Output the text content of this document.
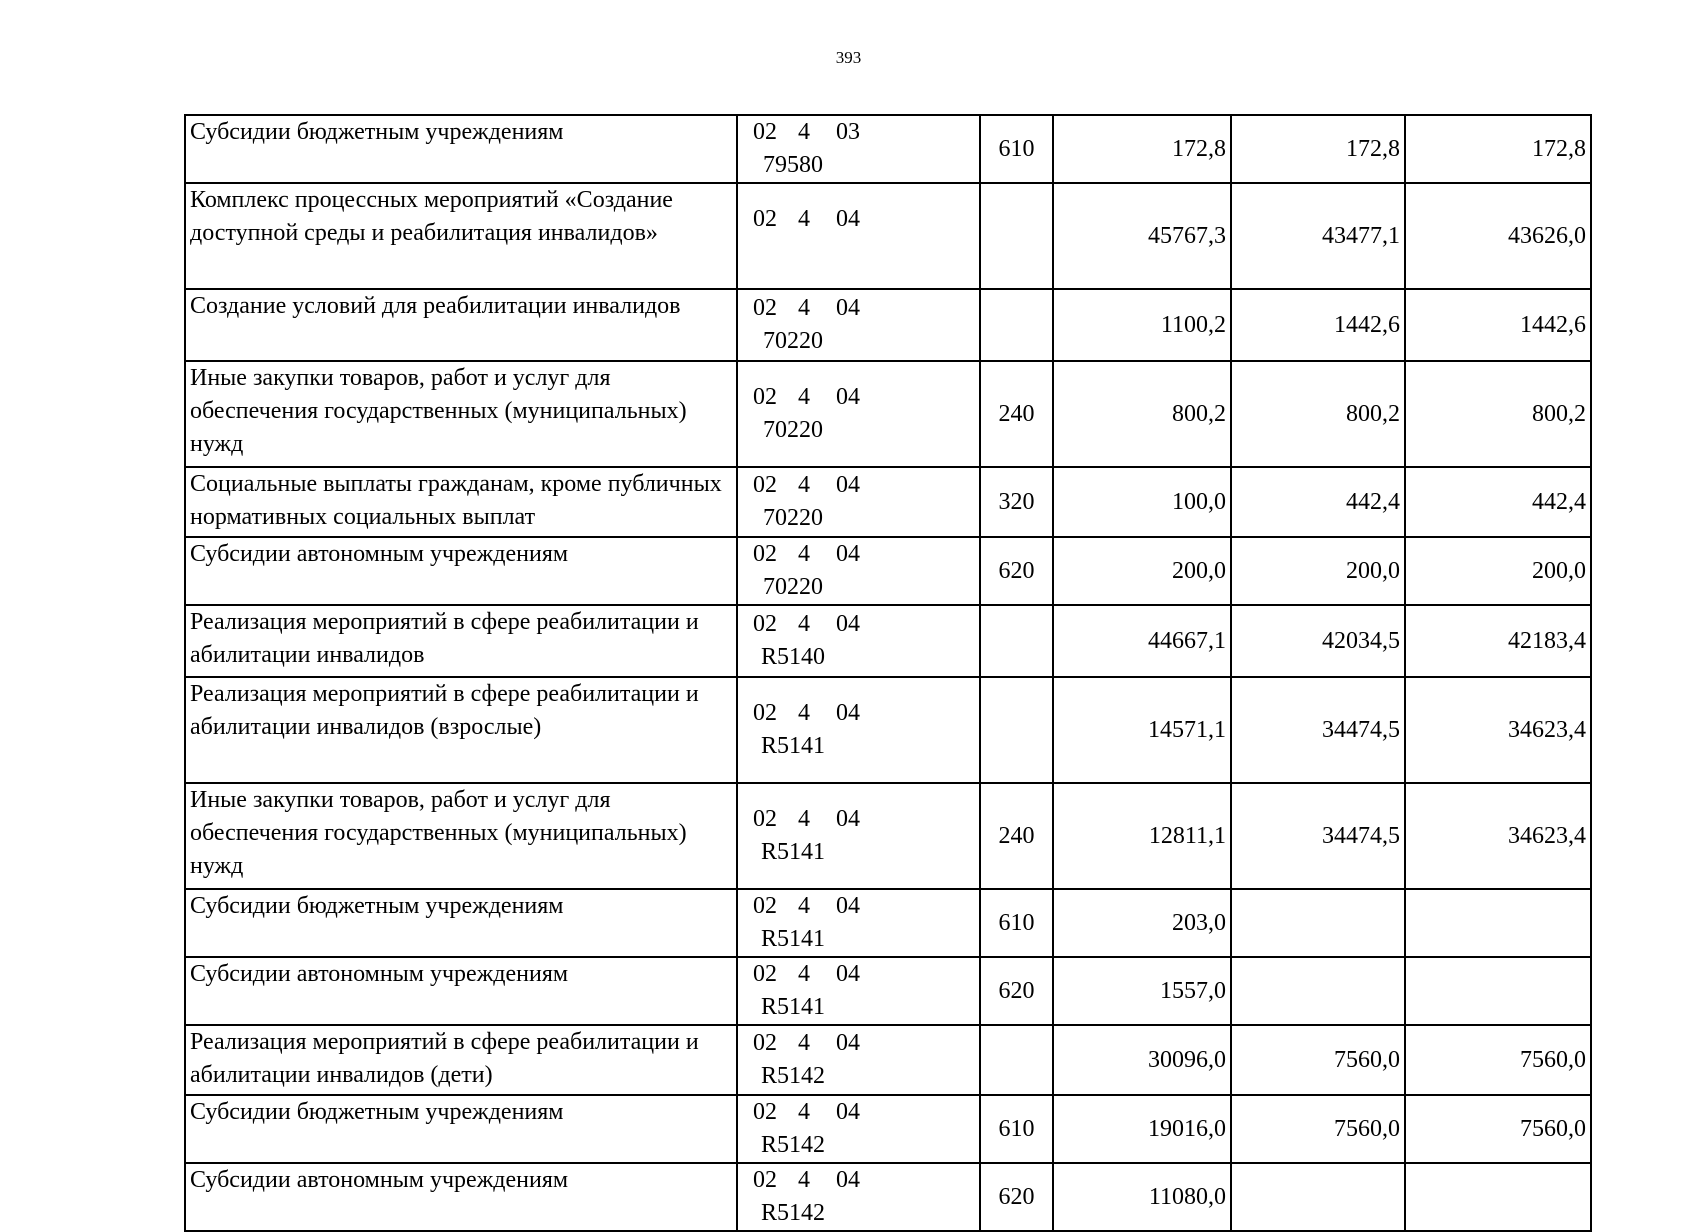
393
Субсидии бюджетным учреждениям	02 4 0379580	610	172,8	172,8	172,8
Комплекс процессных мероприятий «Создание доступной среды и реабилитация инвалидов»	02 4 04		45767,3	43477,1	43626,0
Создание условий для реабилитации инвалидов	02 4 0470220		1100,2	1442,6	1442,6
Иные закупки товаров, работ и услуг для обеспечения государственных (муниципальных) нужд	02 4 0470220	240	800,2	800,2	800,2
Социальные выплаты гражданам, кроме публичных нормативных социальных выплат	02 4 0470220	320	100,0	442,4	442,4
Субсидии автономным учреждениям	02 4 0470220	620	200,0	200,0	200,0
Реализация мероприятий в сфере реабилитации и абилитации инвалидов	02 4 04R5140		44667,1	42034,5	42183,4
Реализация мероприятий в сфере реабилитации и абилитации инвалидов (взрослые)	02 4 04R5141		14571,1	34474,5	34623,4
Иные закупки товаров, работ и услуг для обеспечения государственных (муниципальных) нужд	02 4 04R5141	240	12811,1	34474,5	34623,4
Субсидии бюджетным учреждениям	02 4 04R5141	610	203,0		
Субсидии автономным учреждениям	02 4 04R5141	620	1557,0		
Реализация мероприятий в сфере реабилитации и абилитации инвалидов (дети)	02 4 04R5142		30096,0	7560,0	7560,0
Субсидии бюджетным учреждениям	02 4 04R5142	610	19016,0	7560,0	7560,0
Субсидии автономным учреждениям	02 4 04R5142	620	11080,0		
